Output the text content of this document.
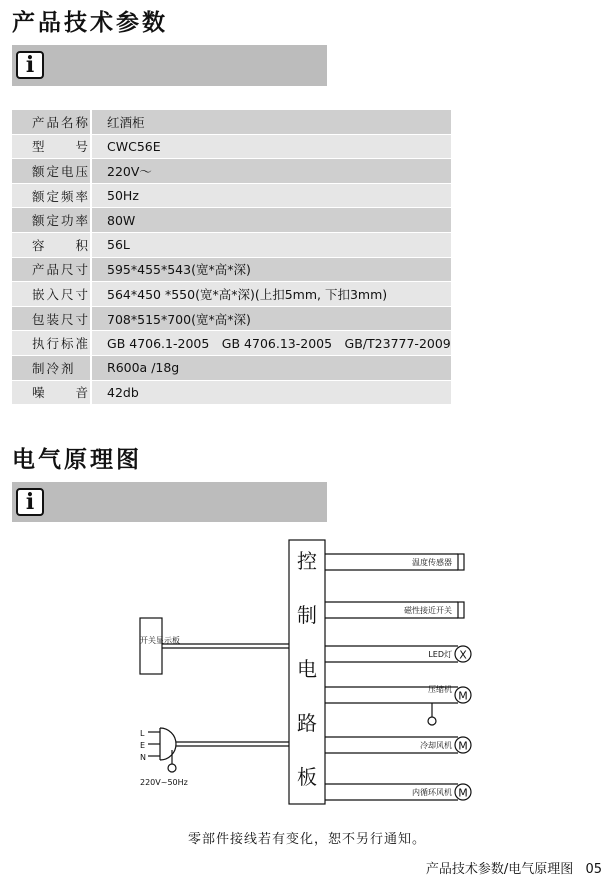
产品技术参数
i
产品名称	红酒柜
型　　号	CWC56E
额定电压	220V～
额定频率	50Hz
额定功率	80W
容　　积	56L
产品尺寸	595*455*543(宽*高*深)
嵌入尺寸	564*450 *550(宽*高*深)(上扣5mm, 下扣3mm)
包装尺寸	708*515*700(宽*高*深)
执行标准	GB 4706.1-2005　GB 4706.13-2005　GB/T23777-2009
制冷剂	R600a /18g
噪　　音	42db
电气原理图
i
控
制
电
路
板
开关显示板
L
E
N
220V~50Hz
温度传感器
磁性接近开关
X
LED灯
M
压缩机
M
冷却风机
M
内循环风机
零部件接线若有变化，恕不另行通知。
产品技术参数/电气原理图 05
